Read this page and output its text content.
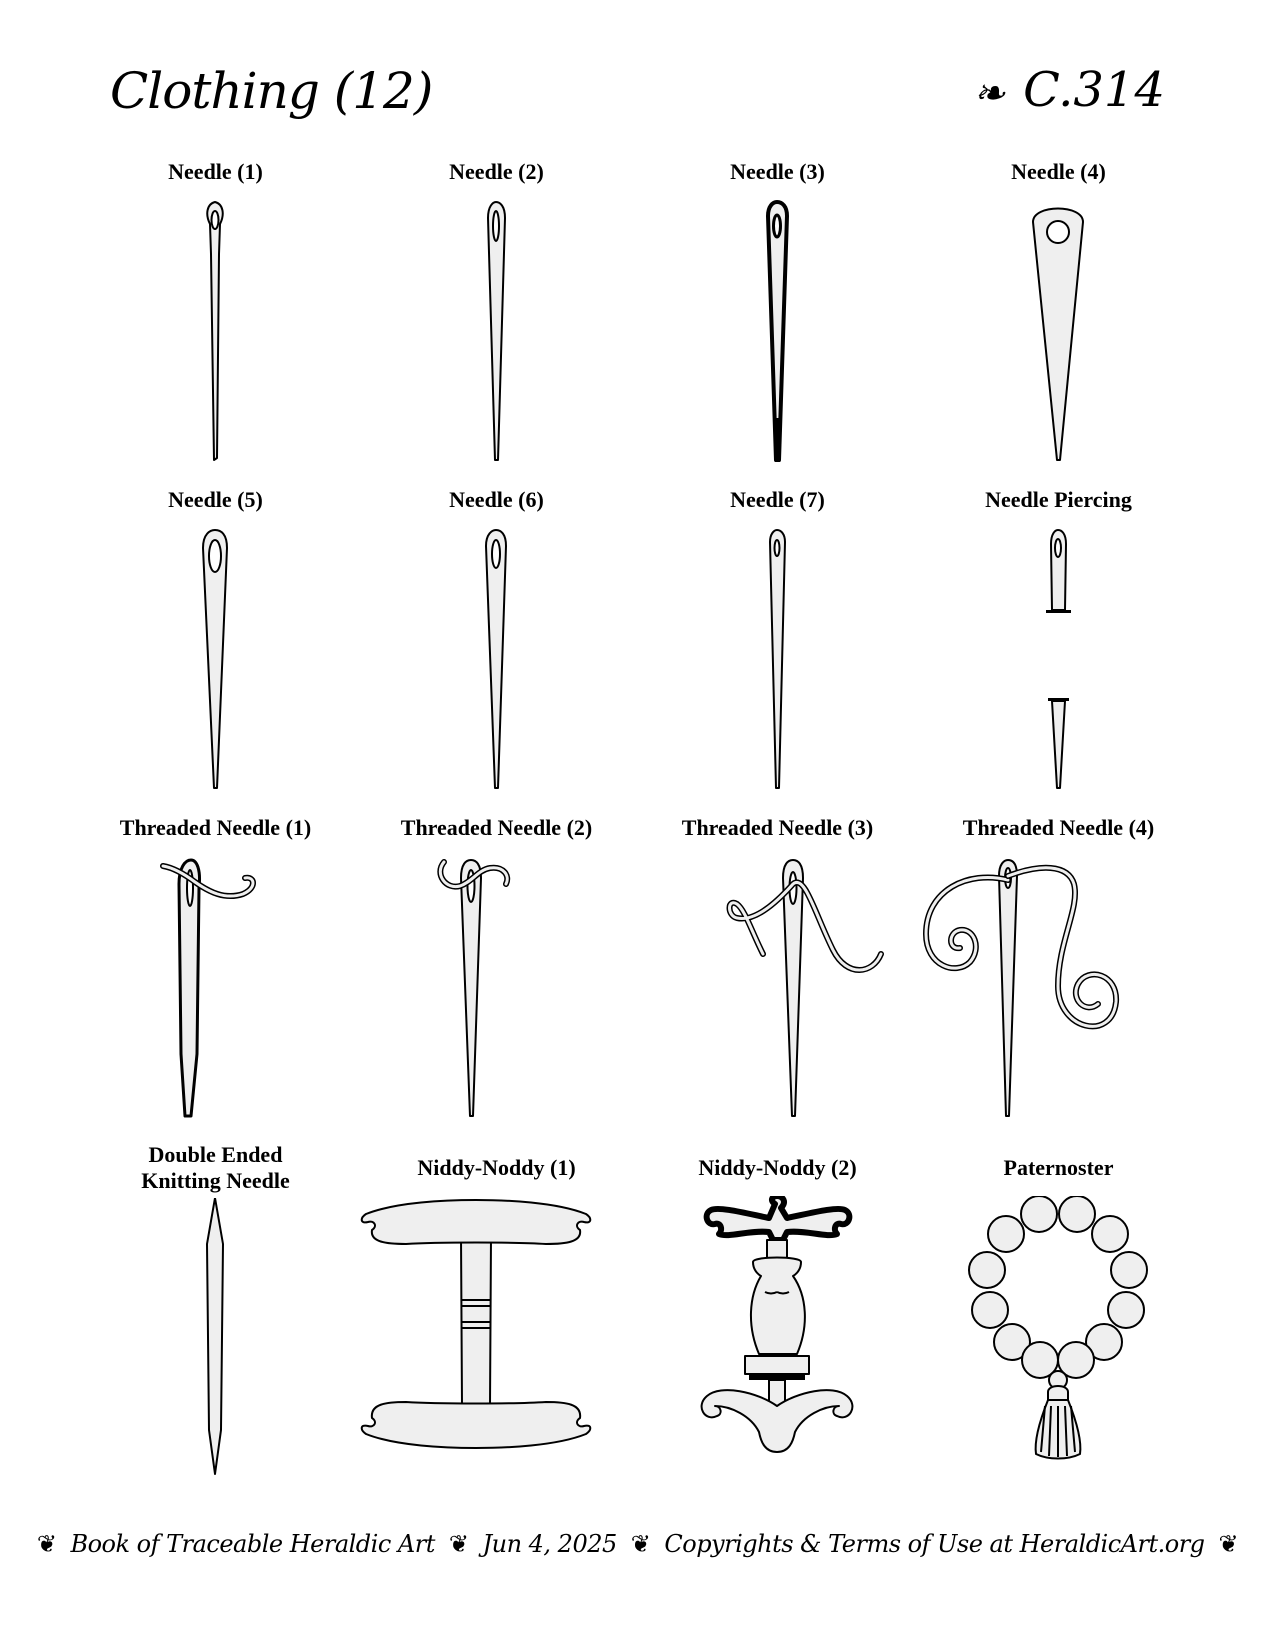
Clothing (12)	❧ C.314
Needle (1)	Needle (2)	Needle (3)	Needle (4)
Needle (5)	Needle (6)	Needle (7)	Needle Piercing
Threaded Needle (1)	Threaded Needle (2)	Threaded Needle (3)	Threaded Needle (4)
Double Ended
Knitting Needle
Niddy-Noddy (1)	Niddy-Noddy (2)	Paternoster
❦ Book of Traceable Heraldic Art ❦ Jun 4, 2025 ❦ Copyrights & Terms of Use at HeraldicArt.org ❦
